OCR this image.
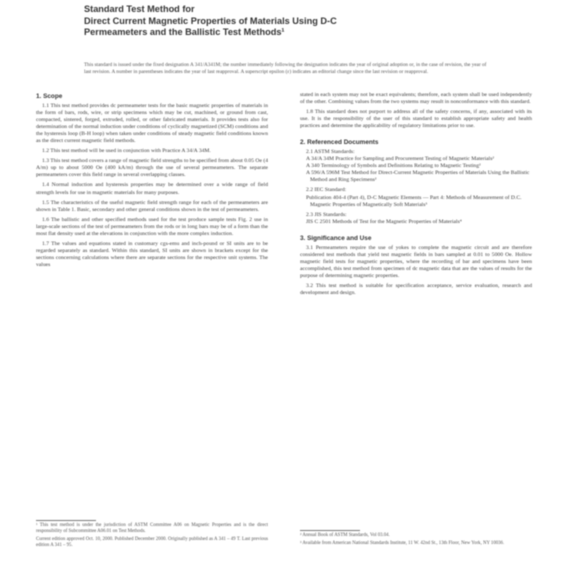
Standard Test Method for
Direct Current Magnetic Properties of Materials Using D-C
Permeameters and the Ballistic Test Methods¹
This standard is issued under the fixed designation A 341/A341M; the number immediately following the designation indicates the year of original adoption or, in the case of revision, the year of last revision. A number in parentheses indicates the year of last reapproval. A superscript epsilon (ε) indicates an editorial change since the last revision or reapproval.
1. Scope
1.1 This test method provides dc permeameter tests for the basic magnetic properties of materials in the form of bars, rods, wire, or strip specimens which may be cut, machined, or ground from cast, compacted, sintered, forged, extruded, rolled, or other fabricated materials. It provides tests also for determination of the normal induction under conditions of cyclically magnetized (SCM) conditions and the hysteresis loop (B-H loop) when taken under conditions of steady magnetic field conditions known as the direct current magnetic field methods.
1.2 This test method will be used in conjunction with Practice A 34/A 34M.
1.3 This test method covers a range of magnetic field strengths to be specified from about 0.05 Oe (4 A/m) up to about 5000 Oe (400 kA/m) through the use of several permeameters. The separate permeameters cover this field range in several overlapping classes.
1.4 Normal induction and hysteresis properties may be determined over a wide range of field strength levels for use in magnetic materials for many purposes.
1.5 The characteristics of the useful magnetic field strength range for each of the permeameters are shown in Table 1. Basic, secondary and other general conditions shown in the test of permeameters.
1.6 The ballistic and other specified methods used for the test produce sample tests Fig. 2 use in large-scale sections of the test of permeameters from the rods or in long bars may be of a form than the most flat density used at the elevations in conjunction with the more complex induction.
1.7 The values and equations stated in customary cgs-emu and inch-pound or SI units are to be regarded separately as standard. Within this standard, SI units are shown in brackets except for the sections concerning calculations where there are separate sections for the respective unit systems. The values
¹ This test method is under the jurisdiction of ASTM Committee A06 on Magnetic Properties and is the direct responsibility of Subcommittee A06.01 on Test Methods.
Current edition approved Oct. 10, 2000. Published December 2000. Originally published as A 341 – 49 T. Last previous edition A 341 – 95.
stated in each system may not be exact equivalents; therefore, each system shall be used independently of the other. Combining values from the two systems may result in nonconformance with this standard.
1.8 This standard does not purport to address all of the safety concerns, if any, associated with its use. It is the responsibility of the user of this standard to establish appropriate safety and health practices and determine the applicability of regulatory limitations prior to use.
2. Referenced Documents
2.1 ASTM Standards:
A 34/A 34M Practice for Sampling and Procurement Testing of Magnetic Materials²
A 340 Terminology of Symbols and Definitions Relating to Magnetic Testing²
A 596/A 596M Test Method for Direct-Current Magnetic Properties of Materials Using the Ballistic Method and Ring Specimens²
2.2 IEC Standard:
Publication 404-4 (Part 4), D-C Magnetic Elements — Part 4: Methods of Measurement of D.C. Magnetic Properties of Magnetically Soft Materials³
2.3 JIS Standards:
JIS C 2501 Methods of Test for the Magnetic Properties of Materials⁴
3. Significance and Use
3.1 Permeameters require the use of yokes to complete the magnetic circuit and are therefore considered test methods that yield test magnetic fields in bars sampled at 0.01 to 5000 Oe. Hollow magnetic field tests for magnetic properties, where the recording of bar and specimens have been accomplished, this test method from specimen of dc magnetic data that are the values of results for the purpose of determining magnetic properties.
3.2 This test method is suitable for specification acceptance, service evaluation, research and development and design.
² Annual Book of ASTM Standards, Vol 03.04.
³ Available from American National Standards Institute, 11 W. 42nd St., 13th Floor, New York, NY 10036.
